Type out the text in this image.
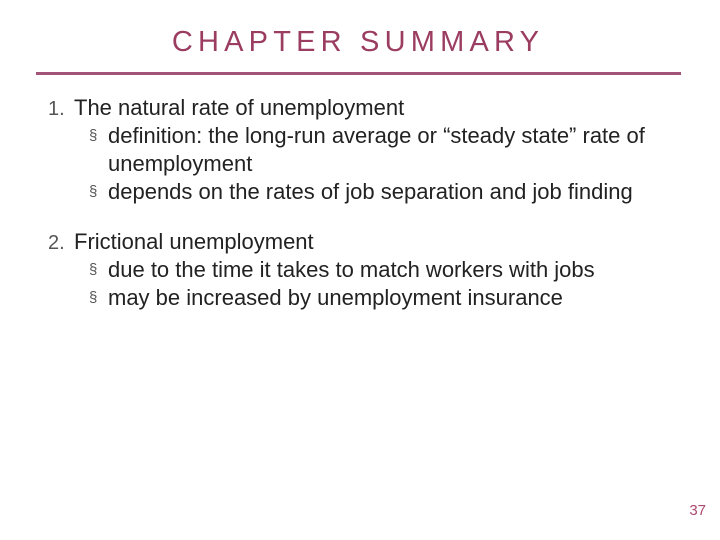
CHAPTER SUMMARY
1. The natural rate of unemployment
§ definition: the long-run average or “steady state” rate of unemployment
§ depends on the rates of job separation and job finding
2. Frictional unemployment
§ due to the time it takes to match workers with jobs
§ may be increased by unemployment insurance
37
